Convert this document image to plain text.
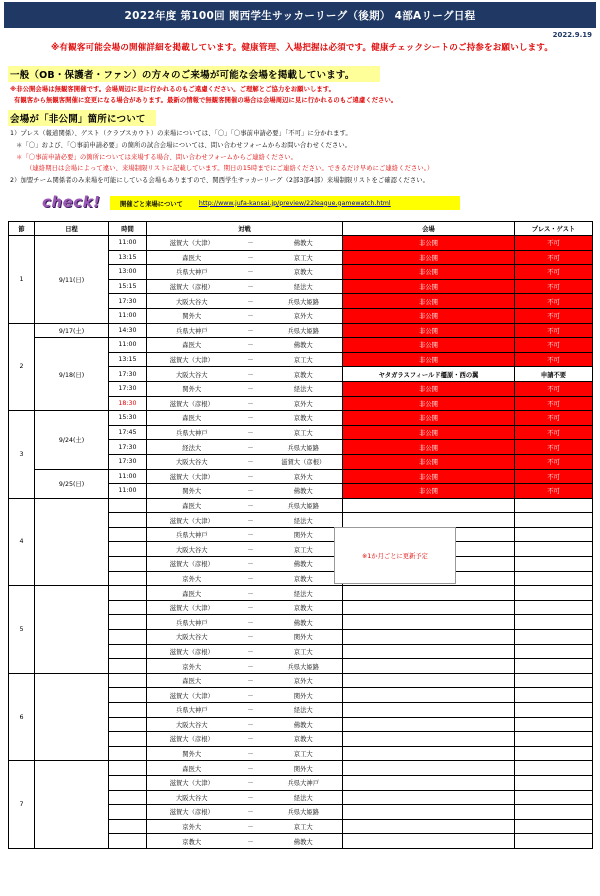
2022年度 第100回 関西学生サッカーリーグ（後期） 4部Aリーグ日程
2022.9.19
※有観客可能会場の開催詳細を掲載しています。健康管理、入場把握は必須です。健康チェックシートのご持参をお願いします。
一般（OB・保護者・ファン）の方々のご来場が可能な会場を掲載しています。
※非公開会場は無観客開催です。会場周辺に見に行かれるのもご遠慮ください。ご理解とご協力をお願いします。
有観客から無観客開催に変更になる場合があります。最新の情報で無観客開催の場合は会場周辺に見に行かれるのもご遠慮ください。
会場が「非公開」箇所について
1）プレス（報道関係）、ゲスト（クラブスカウト）の来場については、「〇」「〇事前申請必要」「不可」に分かれます。
＊「〇」および、「〇事前申請必要」の箇所の試合会場については、問い合わせフォームからお問い合わせください。
＊「〇事前申請必要」の箇所については来場する場合、問い合わせフォームからご連絡ください。
（連絡期日は会場によって違い、来場制限リストに記載しています。期日の15時までにご連絡ください。できるだけ早めにご連絡ください。）
2）加盟チーム関係者のみ来場を可能にしている会場もありますので、関西学生サッカーリーグ（2部3部4部）来場制限リストをご確認ください。
check!	開催ごと来場について	http://www.jufa-kansai.jp/preview/22league.gamewatch.html
節	日程	時間	対戦			会場	プレス・ゲスト
1	9/11(日)	11:00	滋賀大（大津）	－	佛教大	非公開	不可
		13:15	森医大	－	京工大	非公開	不可
		13:00	兵県大神戸	－	京教大	非公開	不可
		15:15	滋賀大（彦根）	－	経法大	非公開	不可
		17:30	大阪大谷大	－	兵県大姫路	非公開	不可
		11:00	関外大	－	京外大	非公開	不可
2	9/17(土)	14:30	兵県大神戸	－	兵県大姫路	非公開	不可
	9/18(日)	11:00	森医大	－	佛教大	非公開	不可
		13:15	滋賀大（大津）	－	京工大	非公開	不可
		17:30	大阪大谷大	－	京教大	ヤタガラスフィールド橿原・西の翼	申請不要
		17:30	関外大	－	経法大	非公開	不可
		18:30	滋賀大（彦根）	－	京外大	非公開	不可
3	9/24(土)	15:30	森医大	－	京教大	非公開	不可
		17:45	兵県大神戸	－	京工大	非公開	不可
		17:30	経法大	－	兵県大姫路	非公開	不可
		17:30	大阪大谷大	－	滋賀大（彦根）	非公開	不可
	9/25(日)	11:00	滋賀大（大津）	－	京外大	非公開	不可
		11:00	関外大	－	佛教大	非公開	不可
4			森医大	－	兵県大姫路		
			滋賀大（大津）	－	経法大		
			兵県大神戸	－	関外大		
			大阪大谷大	－	京工大		
			滋賀大（彦根）	－	佛教大		
			京外大	－	京教大		
5			森医大	－	経法大		
			滋賀大（大津）	－	京教大		
			兵県大神戸	－	佛教大		
			大阪大谷大	－	関外大		
			滋賀大（彦根）	－	京工大		
			京外大	－	兵県大姫路		
6			森医大	－	京外大		
			滋賀大（大津）	－	関外大		
			兵県大神戸	－	経法大		
			大阪大谷大	－	佛教大		
			滋賀大（彦根）	－	京教大		
			関外大	－	京工大		
7			森医大	－	関外大		
			滋賀大（大津）	－	兵県大神戸		
			大阪大谷大	－	経法大		
			滋賀大（彦根）	－	兵県大姫路		
			京外大	－	京工大		
			京教大	－	佛教大		
※1か月ごとに更新予定
